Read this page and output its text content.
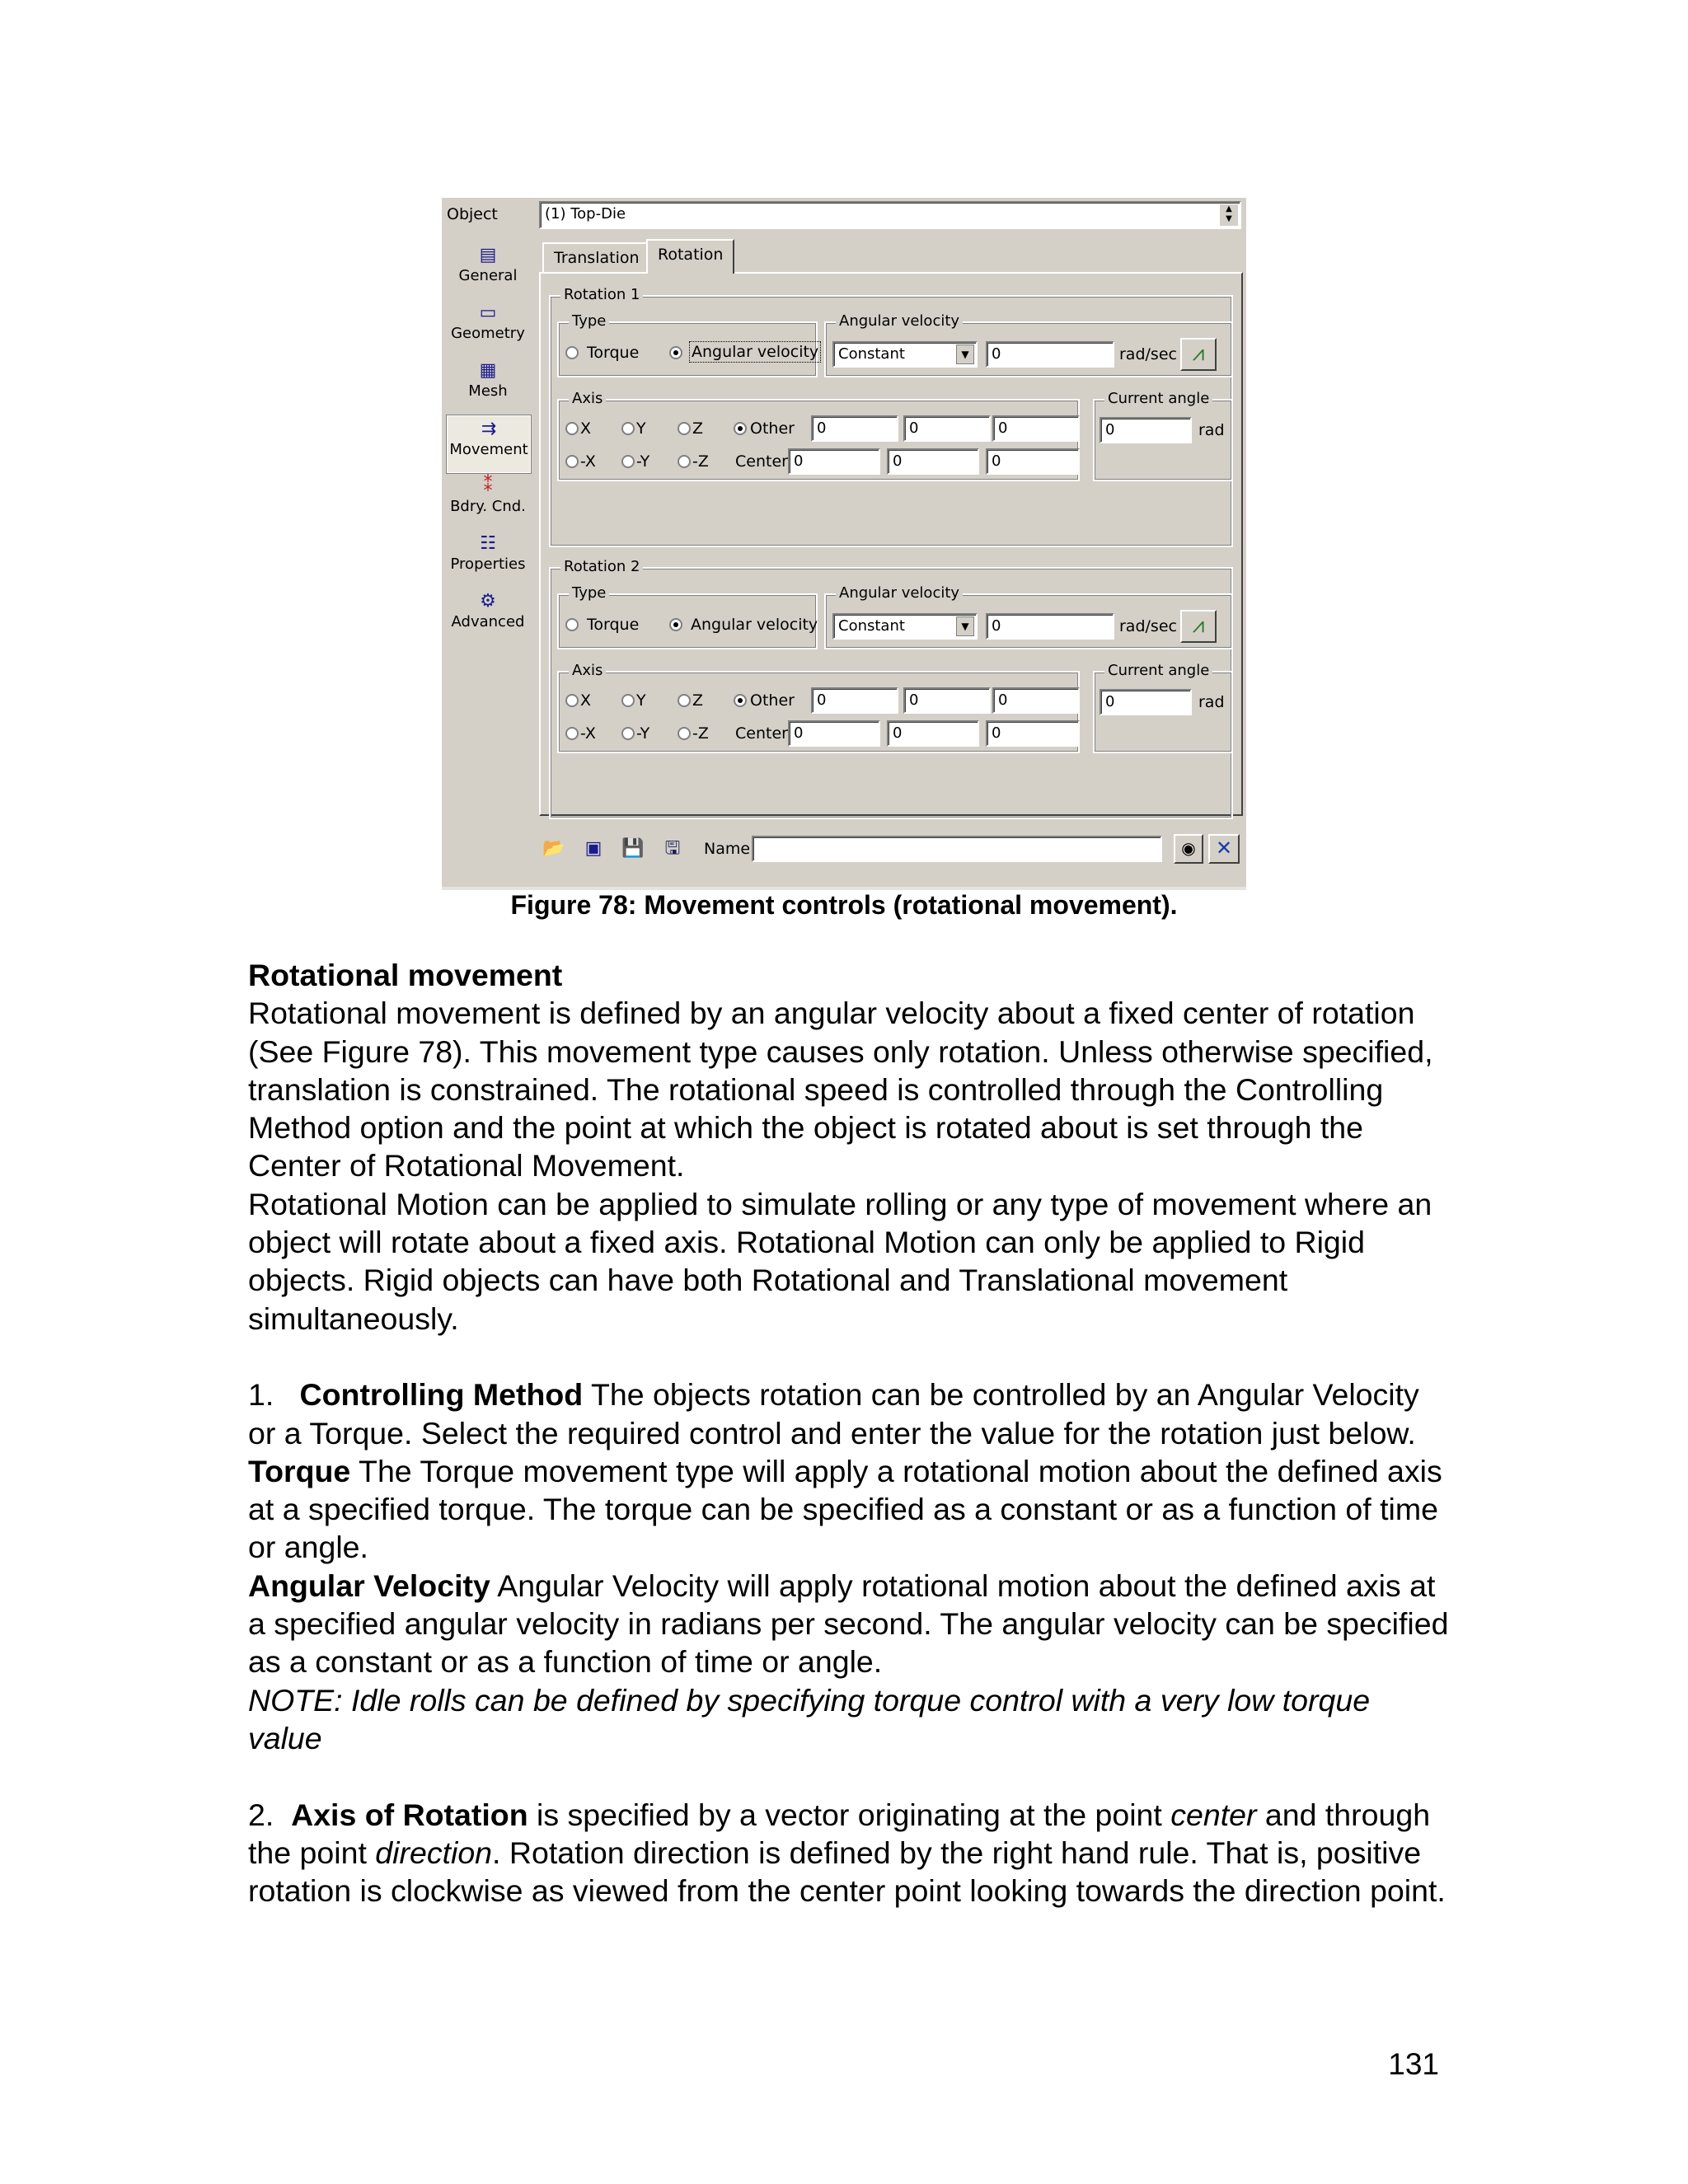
Object	(1) Top-Die	▲
▼
▤
General
▭
Geometry
▦
Mesh
⇉
Movement
⁑
Bdry. Cnd.
☷
Properties
⚙
Advanced
Translation	Rotation
Rotation 1
Type
Torque	Angular velocity
Angular velocity
Constant	▼	0	rad/sec ⩘
Axis
X	Y	Z	Other	0	0	0
-X	-Y	-Z Center 0	0	0
Current angle
0	rad
Rotation 2
Type
Torque	Angular velocity
Angular velocity
Constant	▼	0	rad/sec ⩘
Axis
X	Y	Z	Other	0	0	0
-X	-Y	-Z Center 0	0	0
Current angle
0	rad
📂	▣	💾	🖫	Name	◉	✕
Figure 78: Movement controls (rotational movement).

Rotational movement

Rotational movement is defined by an angular velocity about a fixed center of rotation (See Figure 78). This movement type causes only rotation. Unless otherwise specified, translation is constrained. The rotational speed is controlled through the Controlling Method option and the point at which the object is rotated about is set through the Center of Rotational Movement.

Rotational Motion can be applied to simulate rolling or any type of movement where an object will rotate about a fixed axis. Rotational Motion can only be applied to Rigid objects. Rigid objects can have both Rotational and Translational movement simultaneously.

1. Controlling Method The objects rotation can be controlled by an Angular Velocity or a Torque. Select the required control and enter the value for the rotation just below.

Torque The Torque movement type will apply a rotational motion about the defined axis at a specified torque. The torque can be specified as a constant or as a function of time or angle.

Angular Velocity Angular Velocity will apply rotational motion about the defined axis at a specified angular velocity in radians per second. The angular velocity can be specified as a constant or as a function of time or angle.

NOTE: Idle rolls can be defined by specifying torque control with a very low torque value

2. Axis of Rotation is specified by a vector originating at the point center and through the point direction. Rotation direction is defined by the right hand rule. That is, positive rotation is clockwise as viewed from the center point looking towards the direction point.

131
